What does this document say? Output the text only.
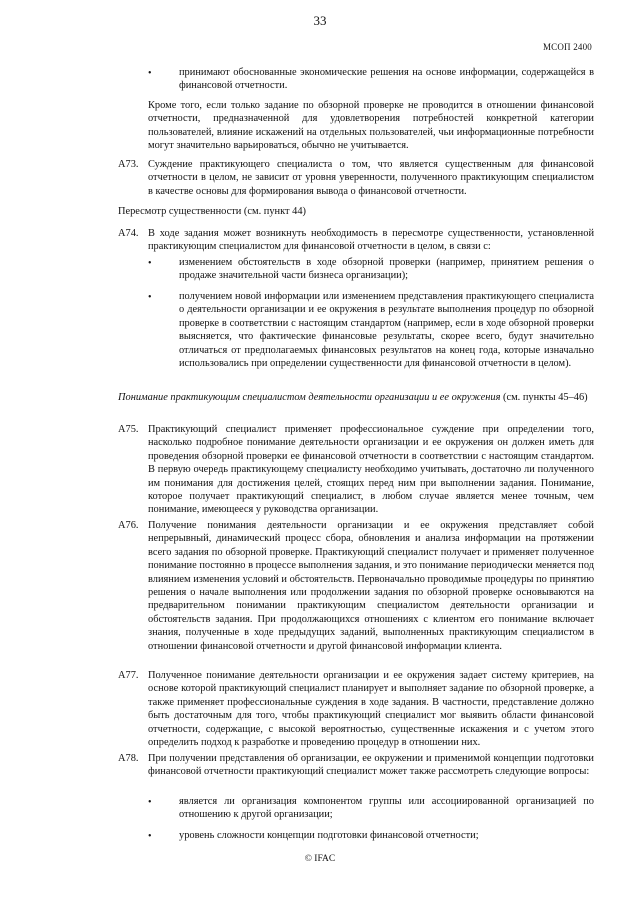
33
МСОП 2400
•	принимают обоснованные экономические решения на основе информации, содержащейся в финансовой отчетности.

Кроме того, если только задание по обзорной проверке не проводится в отношении финансовой отчетности, предназначенной для удовлетворения потребностей конкретной категории пользователей, влияние искажений на отдельных пользователей, чьи информационные потребности могут значительно варьироваться, обычно не учитывается.

A73. Суждение практикующего специалиста о том, что является существенным для финансовой отчетности в целом, не зависит от уровня уверенности, полученного практикующим специалистом в качестве основы для формирования вывода о финансовой отчетности.

Пересмотр существенности (см. пункт 44)

A74. В ходе задания может возникнуть необходимость в пересмотре существенности, установленной практикующим специалистом для финансовой отчетности в целом, в связи с:

•	изменением обстоятельств в ходе обзорной проверки (например, принятием решения о продаже значительной части бизнеса организации);

•	получением новой информации или изменением представления практикующего специалиста о деятельности организации и ее окружения в результате выполнения процедур по обзорной проверке в соответствии с настоящим стандартом (например, если в ходе обзорной проверки выясняется, что фактические финансовые результаты, скорее всего, будут значительно отличаться от предполагаемых финансовых результатов на конец года, которые изначально использовались при определении существенности для финансовой отчетности в целом).

Понимание практикующим специалистом деятельности организации и ее окружения (см. пункты 45–46)

A75. Практикующий специалист применяет профессиональное суждение при определении того, насколько подробное понимание деятельности организации и ее окружения он должен иметь для проведения обзорной проверки ее финансовой отчетности в соответствии с настоящим стандартом. В первую очередь практикующему специалисту необходимо учитывать, достаточно ли полученного им понимания для достижения целей, стоящих перед ним при выполнении задания. Понимание, которое получает практикующий специалист, в любом случае является менее точным, чем понимание, имеющееся у руководства организации.

A76. Получение понимания деятельности организации и ее окружения представляет собой непрерывный, динамический процесс сбора, обновления и анализа информации на протяжении всего задания по обзорной проверке. Практикующий специалист получает и применяет полученное понимание постоянно в процессе выполнения задания, и это понимание периодически меняется под влиянием изменения условий и обстоятельств. Первоначально проводимые процедуры по принятию решения о начале выполнения или продолжении задания по обзорной проверке основываются на предварительном понимании практикующим специалистом деятельности организации и обстоятельств задания. При продолжающихся отношениях с клиентом его понимание включает знания, полученные в ходе предыдущих заданий, выполненных практикующим специалистом в отношении финансовой отчетности и другой финансовой информации клиента.

A77. Полученное понимание деятельности организации и ее окружения задает систему критериев, на основе которой практикующий специалист планирует и выполняет задание по обзорной проверке, а также применяет профессиональные суждения в ходе задания. В частности, представление должно быть достаточным для того, чтобы практикующий специалист мог выявить области финансовой отчетности, содержащие, с высокой вероятностью, существенные искажения и с учетом этого определить подход к разработке и проведению процедур в отношении них.

A78. При получении представления об организации, ее окружении и применимой концепции подготовки финансовой отчетности практикующий специалист может также рассмотреть следующие вопросы:

•	является ли организация компонентом группы или ассоциированной организацией по отношению к другой организации;

•	уровень сложности концепции подготовки финансовой отчетности;

© IFAC
